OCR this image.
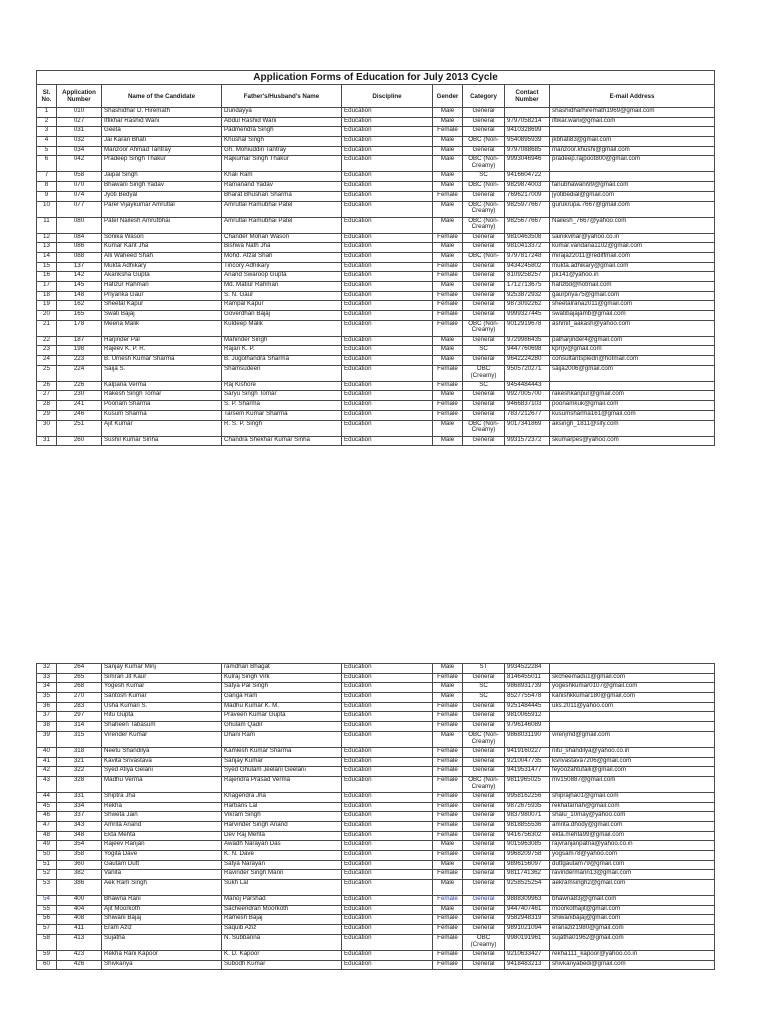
Application Forms of Education for July 2013 Cycle								
Sl. No.	Application Number	Name of the Candidate	Father's/Husband's Name	Discipline	Gender	Category	Contact Number	E-mail Address
1	010	Shashidhar D. Hiremath	Dundayya	Education	Male	General		shashidharhiremath1969@gmail.com
2	027	Iftikhar Rashid Wani	Abdul Rashid Wani	Education	Male	General	9797058214	iftikar.wani@gmail.com
3	031	Geeta	Padmendra Singh	Education	Female	General	9410328699	
4	032	Jai Karan Bhati	Khushal Singh	Education	Male	OBC (Non-	9540895939	jkbhati83@gmail.com
5	034	Manzoor Ahmad Tantray	Gh. Mohiuddin Tantray	Education	Male	General	9797088685	manzoor.khushi@gmail.com
6	042	Pradeep Singh Thakur	Rajkumar Singh Thakur	Education	Male	OBC (Non-Creamy)	9993046946	pradeep.rajpoot800@gmail.com
7	058	Jaipal Singh	Khali Ram	Education	Male	SC	9416604722	
8	070	Bhawani Singh Yadav	Ramanand Yadav	Education	Male	OBC (Non-	9829874003	tanubhawani99@gmail.com
9	074	Jyoti Bedyal	Bharat Bhushan Sharma	Education	Female	General	7696217009	jyotibedial@gmail.com
10	077	Parel Vijaykumar Amrutlal	Amrutlal Ramubhai Patel	Education	Male	OBC (Non-Creamy)	9825977667	gurukrupa.7667@gmail.com
11	080	Patel Nailesh Amrutbhai	Amrutlal Ramubhai Patel	Education	Male	OBC (Non-Creamy)	9825677667	Nailesh_7667@yahoo.com
12	084	Sonika Wason	Chander Mohan Wason	Education	Female	General	9810463508	sainikvihar@yahoo.co.in
13	086	Kumar Kant Jha	Bishwa Nath Jha	Education	Male	General	9810413372	kumar.vandana1102@gmail.com
14	088	Alli Waheed Shah	Mohd. Afzal Shah	Education	Male	OBC (Non-	9797817248	mirajaz2011@rediffmail.com
15	137	Mukta Adhikary	Tincory Adhikary	Education	Female	General	9434245802	mukta.adhikary@gmail.com
16	142	Akanksha Gupta	Anand Swaroop Gupta	Education	Female	General	8109258257	pk141@yahoo.in
17	145	Hafizur Rahman	Md. Matiur Rahman	Education	Male	General	1712713675	hafizbd@hotmail.com
18	148	Priyanka Gaur	S. N. Gaur	Education	Female	General	9253872932	gaurpriya75@gmail.com
19	162	Sheetal Kapur	Rampal Kapur	Education	Female	General	9873092262	sheetalrana2011@gmail.com
20	165	Swati Bajaj	Goverdhan Bajaj	Education	Female	General	9999327445	swatibajajamb@gmail.com
21	178	Meena Malik	Kuldeep Malik	Education	Female	OBC (Non-Creamy)	9012919678	ashmit_aakash@yahoo.com
22	187	Harjinder Pal	Mahinder Singh	Education	Male	General	9729986435	palharjinder4@gmail.com
23	198	Rajeev K. P. R.	Rajan K. P.	Education	Male	SC	9447760698	kprrjv@gmail.com
24	223	B. Umesh Kumar Sharma	B. Jugolhandra Sharma	Education	Male	General	9642224280	consultantspledn@hotmail.com
25	224	Saija S.	Shamsudeen	Education	Female	OBC (Creamy)	9505720271	saija2006@gmail.com
26	226	Kalpana Verma	Raj Kishore	Education	Female	SC	9454484443	
27	230	Rakesh Singh Tomar	Saryu Singh Tomar	Education	Male	General	9927005700	rakeshkanpur@gmail.com
28	241	Poonam Sharma	S. P. Sharma	Education	Female	General	9466837103	poonamkuk@gmail.com
29	246	Kusum Sharma	Tarsem Kumar Sharma	Education	Female	General	7837212677	kusumsharma161@gmail.com
30	251	Ajit Kumar	R. S. P. Singh	Education	Male	OBC (Non-Creamy)	9017341869	aksingh_1811@sify.com
31	260	Sushil Kumar Sinha	Chandra Shekhar Kumar Sinha	Education	Male	General	9931572372	skumarpes@yahoo.com
32	264	Sanjay Kumar Minj	ramdhan Bhagat	Education	Male	ST	9934522284	
33	265	Simran Jit Kaur	Kulraj Singh Virk	Education	Female	General	8146455011	skcheemadu1@gmail.com
34	268	Yogesh Kumar	Satya Pal Singh	Education	Male	SC	9868931739	yogeshkumar0107@gmail.com
35	270	Santosh Kumar	Ganga Ram	Education	Male	SC	8527755478	kanishkkumar180@gmail.com
36	283	Usha Kumari S.	Madhu Kumar K. M.	Education	Female	General	9251484445	uks.2011@yahoo.com
37	297	Ritu Gupta	Praveen Kumar Gupta	Education	Female	General	9810065912	
38	314	Shaheen Tabasum	Ghulam Qadir	Education	Female	General	9796146089	
39	315	Virender Kumar	Dhani Ram	Education	Male	OBC (Non-Creamy)	9868031190	virenjmd@gmail.com
40	318	Neetu Shandilya	Kamlesh Kumar Sharma	Education	Female	General	9419160227	nitu_shandilya@yahoo.co.in
41	321	Kavita Srivastava	Sanjay Kumar	Education	Female	General	9210047735	ksrivastava7206@gmail.com
42	322	Syed Afiya Gelani	Syed Ghulam Jeelani Geelani	Education	Female	General	9419531477	feyoozahtufaili@gmail.com
43	328	Madhu Verma	Rajendra Prasad Verma	Education	Female	OBC (Non-Creamy)	9811965025	mv150887@gmail.com
44	331	Shiptra Jha	Khagendra Jha	Education	Female	General	9958162256	shiprajha01@gmail.com
45	334	Rekha	Harbans Lal	Education	Female	General	9872675935	rekhafarnah@gmail.com
46	337	Shweta Jain	Vikram Singh	Education	Female	General	9837980071	shalu_10may@yahoo.com
47	343	Amrita Anand	Harvinder Singh Anand	Education	Female	General	9818855536	amrita.dhody@gmail.com
48	348	Ekta Mehta	Dev Raj Mehta	Education	Female	General	9416756302	ekta.mehta99@gmail.com
49	354	Rajeev Ranjan	Awadh Narayan Das	Education	Male	General	9015963085	rajvranjanpatna@yahoo.co.in
50	358	Yogita Dave	K. N. Dave	Education	Female	General	9968209758	yogsam78@yahoo.com
51	360	Gautam Dutt	Satya Narayan	Education	Male	General	9896156097	duttgautam79@gmail.com
52	382	Vanita	Ravinder Singh Mann	Education	Female	General	9811741362	ravindermann13@gmail.com
53	386	Aek Ram Singh	Sukh Lal	Education	Male	General	9258525254	aekramsingh2@gmail.com
54	400	Bhawna Rani	Manoj Parshad	Education	Female	General	9888309963	bhawna83j@gmail.com
55	404	Ajit Moorkoth	Sacheendran Moorkoth	Education	Male	General	9447407461	moorkothajit@gmail.com
56	408	Shiwani Bajaj	Ramesh Bajaj	Education	Female	General	9582948319	shiwanibajaj@gmail.com
57	411	Eram Aziz	Saquib Aziz	Education	Female	General	9891021094	eranaziz1980@gmail.com
58	413	Sujatha	N. Subbanna	Education	Female	OBC (Creamy)	9980191961	sujatha01962@gmail.com
59	423	Rekha Rani Kapoor	K. D. Kapoor	Education	Female	General	9210633427	rekha111_kapoor@yahoo.co.in
60	426	Shivkanya	Subodh Kumar	Education	Female	General	9418483213	shivkanyabedi@gmail.com
